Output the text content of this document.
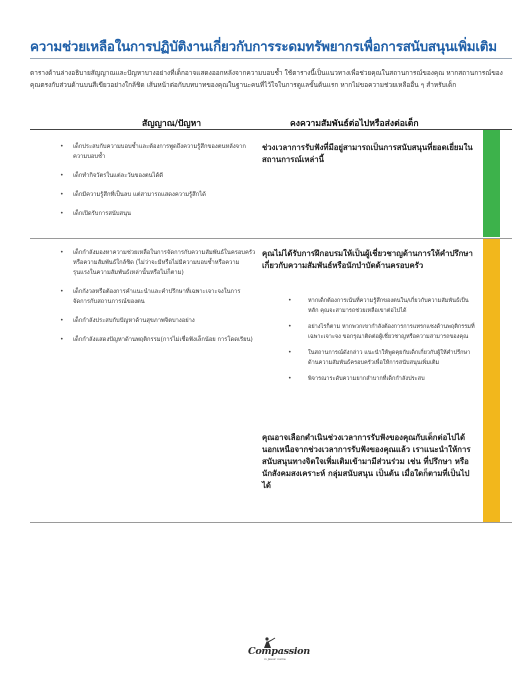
ความช่วยเหลือในการปฏิบัติงานเกี่ยวกับการระดมทรัพยากรเพื่อการสนับสนุนเพิ่มเติม
ตารางด้านล่างอธิบายสัญญาณและปัญหาบางอย่างที่เด็กอาจแสดงออกหลังจากความบอบช้ำ ใช้ตารางนี้เป็นแนวทางเพื่อช่วยคุณในสถานการณ์ของคุณ หากสถานการณ์ของคุณตรงกับส่วนด้านบนสีเขียวอย่างใกล้ชิด เส้นหน้าต่อกับบทบาทของคุณในฐานะคนที่ไว้ใจในการดูแลขั้นต้นแรก หากไม่ขอความช่วยเหลืออื่น ๆ สำหรับเด็ก
สัญญาณ/ปัญหา	คงความสัมพันธ์ต่อไปหรือส่งต่อเด็ก
• เด็กประสบกับความบอบช้ำและต้องการพูดถึงความรู้สึกของตนหลังจากความบอบช้ำ
• เด็กทำกิจวัตรในแต่ละวันของตนได้ดี
• เด็กมีความรู้สึกที่เป็นลบ แต่สามารถแสดงความรู้สึกได้
• เด็กเปิดรับการสนับสนุน
ช่วงเวลาการรับฟังที่มีอยู่สามารถเป็นการสนับสนุนที่ยอดเยี่ยมในสถานการณ์เหล่านี้
• เด็กกำลังมองหาความช่วยเหลือในการจัดการกับความสัมพันธ์ในครอบครัวหรือความสัมพันธ์ใกล้ชิด (ไม่ว่าจะมีหรือไม่มีความบอบช้ำหรือความรุนแรงในความสัมพันธ์เหล่านั้นหรือไม่ก็ตาม)
• เด็กกังวลหรือต้องการคำแนะนำและคำปรึกษาที่เฉพาะเจาะจงในการจัดการกับสถานการณ์ของตน
• เด็กกำลังประสบกับปัญหาด้านสุขภาพจิตบางอย่าง
• เด็กกำลังแสดงปัญหาด้านพฤติกรรม(การไม่เชื่อฟังเล็กน้อย การโดดเรียน)
คุณไม่ได้รับการฝึกอบรมให้เป็นผู้เชี่ยวชาญด้านการให้คำปรึกษาเกี่ยวกับความสัมพันธ์หรือนักบำบัดด้านครอบครัว
• หากเด็กต้องการเน้นที่ความรู้สึกของตนใน/เกี่ยวกับความสัมพันธ์เป็นหลัก คุณจะสามารถช่วยเหลือเขาต่อไปได้
• อย่างไรก็ตาม หากพวกเขากำลังต้องการการแทรกแซงด้านพฤติกรรมที่เฉพาะเจาะจง ขอกรุณาติดต่อผู้เชี่ยวชาญหรือความสามารถของคุณ
• ในสถานการณ์ดังกล่าว แนะนำให้พูดคุยกับเด็กเกี่ยวกับผู้ให้คำปรึกษาด้านความสัมพันธ์ครอบครัวเพื่อให้การสนับสนุนเพิ่มเติม
• พิจารณาระดับความยากลำบากที่เด็กกำลังประสบ
คุณอาจเลือกดำเนินช่วงเวลาการรับฟังของคุณกับเด็กต่อไปได้ นอกเหนือจากช่วงเวลาการรับฟังของคุณแล้ว เราแนะนำให้การสนับสนุนทางจิตใจเพิ่มเติมเข้ามามีส่วนร่วม เช่น ที่ปรึกษา หรือนักสังคมสงเคราะห์ กลุ่มสนับสนุน เป็นต้น เมื่อใดก็ตามที่เป็นไปได้
Compassion
in Jesus' name
